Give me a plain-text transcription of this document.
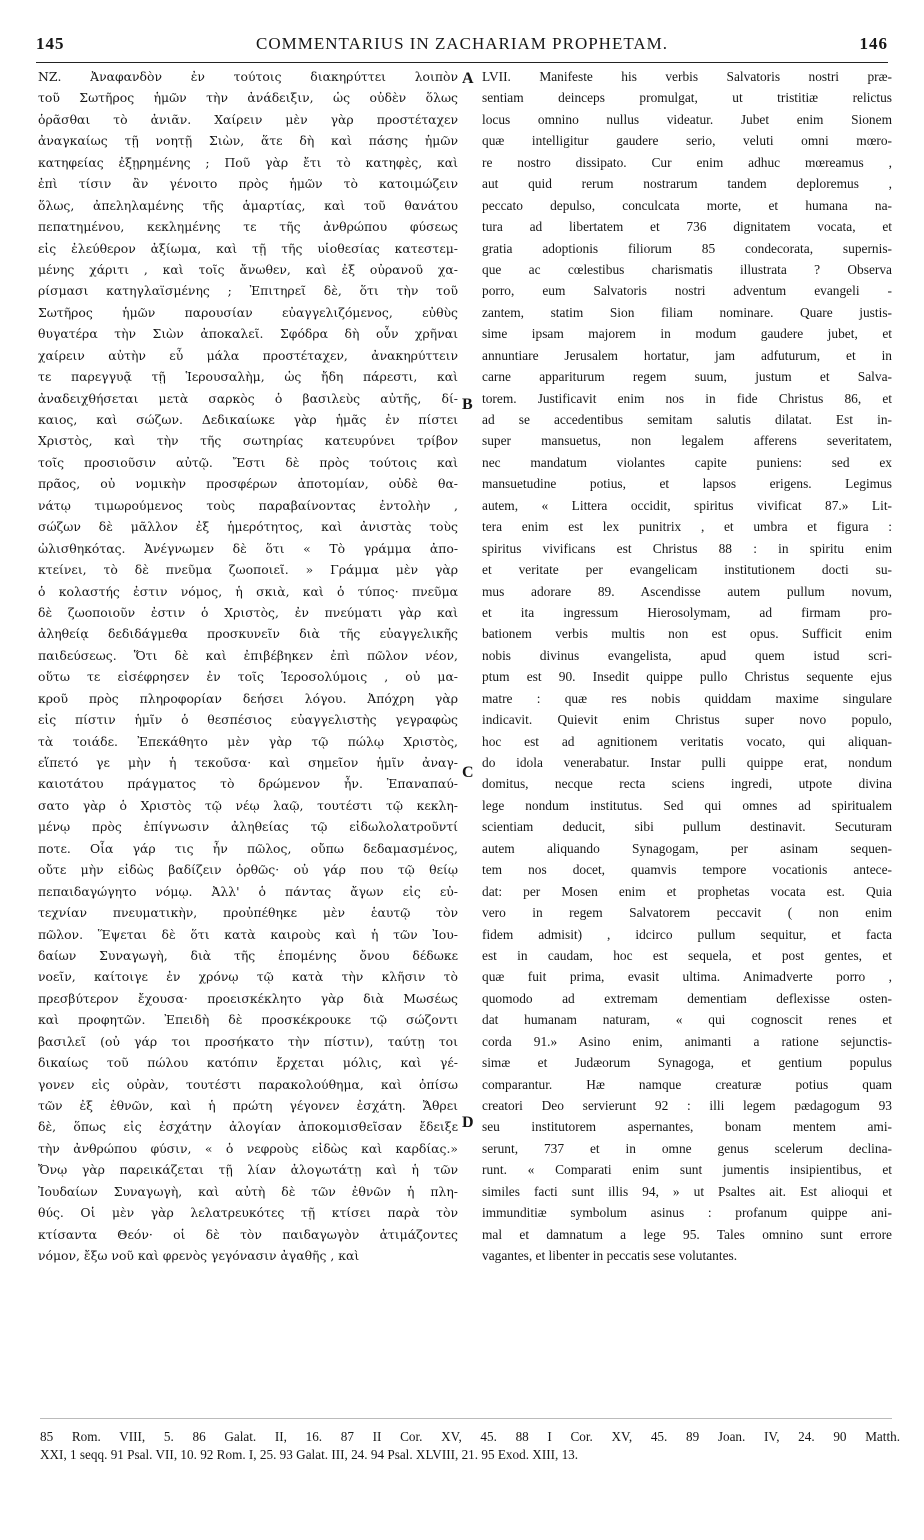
145	COMMENTARIUS IN ZACHARIAM PROPHETAM.	146
ΝΖ. Ἀναφανδὸν ἐν τούτοις διακηρύττει λοιπὸν
τοῦ Σωτῆρος ἡμῶν τὴν ἀνάδειξιν, ὡς οὐδὲν ὅλως
ὁρᾶσθαι τὸ ἀνιᾶν. Χαίρειν μὲν γὰρ προστέταχεν
ἀναγκαίως τῇ νοητῇ Σιὼν, ἅτε δὴ καὶ πάσης ἡμῶν
κατηφείας ἐξῃρημένης ; Ποῦ γὰρ ἔτι τὸ κατηφὲς, καὶ
ἐπὶ τίσιν ἂν γένοιτο πρὸς ἡμῶν τὸ κατοιμώζειν
ὅλως, ἀπεληλαμένης τῆς ἁμαρτίας, καὶ τοῦ θανάτου
πεπατημένου, κεκλημένης τε τῆς ἀνθρώπου φύσεως
εἰς ἐλεύθερον ἀξίωμα, καὶ τῇ τῆς υἱοθεσίας κατεστεμ-
μένης χάριτι , καὶ τοῖς ἄνωθεν, καὶ ἐξ οὐρανοῦ χα-
ρίσμασι κατηγλαϊσμένης ; Ἐπιτηρεῖ δὲ, ὅτι τὴν τοῦ
Σωτῆρος ἡμῶν παρουσίαν εὐαγγελιζόμενος, εὐθὺς
θυγατέρα τὴν Σιὼν ἀποκαλεῖ. Σφόδρα δὴ οὖν χρῆναι
χαίρειν αὐτὴν εὖ μάλα προστέταχεν, ἀνακηρύττειν
τε παρεγγυᾷ τῇ Ἱερουσαλὴμ, ὡς ἤδη πάρεστι, καὶ
ἀναδειχθήσεται μετὰ σαρκὸς ὁ βασιλεὺς αὐτῆς, δί-
καιος, καὶ σώζων. Δεδικαίωκε γὰρ ἡμᾶς ἐν πίστει
Χριστὸς, καὶ τὴν τῆς σωτηρίας κατευρύνει τρίβον
τοῖς προσιοῦσιν αὐτῷ. Ἔστι δὲ πρὸς τούτοις καὶ
πρᾶος, οὐ νομικὴν προσφέρων ἀποτομίαν, οὐδὲ θα-
νάτῳ τιμωρούμενος τοὺς παραβαίνοντας ἐντολὴν ,
σώζων δὲ μᾶλλον ἐξ ἡμερότητος, καὶ ἀνιστὰς τοὺς
ὠλισθηκότας. Ἀνέγνωμεν δὲ ὅτι « Τὸ γράμμα ἀπο-
κτείνει, τὸ δὲ πνεῦμα ζωοποιεῖ. » Γράμμα μὲν γὰρ
ὁ κολαστής ἐστιν νόμος, ἡ σκιὰ, καὶ ὁ τύπος· πνεῦμα
δὲ ζωοποιοῦν ἐστιν ὁ Χριστὸς, ἐν πνεύματι γὰρ καὶ
ἀληθείᾳ δεδιδάγμεθα προσκυνεῖν διὰ τῆς εὐαγγελικῆς
παιδεύσεως. Ὅτι δὲ καὶ ἐπιβέβηκεν ἐπὶ πῶλον νέον,
οὕτω τε εἰσέφρησεν ἐν τοῖς Ἱεροσολύμοις , οὐ μα-
κροῦ πρὸς πληροφορίαν δεήσει λόγου. Ἀπόχρη γὰρ
εἰς πίστιν ἡμῖν ὁ θεσπέσιος εὐαγγελιστὴς γεγραφὼς
τὰ τοιάδε. Ἐπεκάθητο μὲν γὰρ τῷ πώλῳ Χριστὸς,
εἵπετό γε μὴν ἡ τεκοῦσα· καὶ σημεῖον ἡμῖν ἀναγ-
καιοτάτου πράγματος τὸ δρώμενον ἦν. Ἐπαναπαύ-
σατο γὰρ ὁ Χριστὸς τῷ νέῳ λαῷ, τουτέστι τῷ κεκλη-
μένῳ πρὸς ἐπίγνωσιν ἀληθείας τῷ εἰδωλολατροῦντί
ποτε. Οἷα γάρ τις ἦν πῶλος, οὔπω δεδαμασμένος,
οὔτε μὴν εἰδὼς βαδίζειν ὀρθῶς· οὐ γάρ που τῷ θείῳ
πεπαιδαγώγητο νόμῳ. Ἀλλ' ὁ πάντας ἄγων εἰς εὐ-
τεχνίαν πνευματικὴν, προὐπέθηκε μὲν ἑαυτῷ τὸν
πῶλον. Ἕψεται δὲ ὅτι κατὰ καιροὺς καὶ ἡ τῶν Ἰου-
δαίων Συναγωγὴ, διὰ τῆς ἑπομένης ὄνου δέδωκε
νοεῖν, καίτοιγε ἐν χρόνῳ τῷ κατὰ τὴν κλῆσιν τὸ
πρεσβύτερον ἔχουσα· προεισκέκλητο γὰρ διὰ Μωσέως
καὶ προφητῶν. Ἐπειδὴ δὲ προσκέκρουκε τῷ σώζοντι
βασιλεῖ (οὐ γάρ τοι προσήκατο τὴν πίστιν), ταύτῃ τοι
δικαίως τοῦ πώλου κατόπιν ἔρχεται μόλις, καὶ γέ-
γονεν εἰς οὐρὰν, τουτέστι παρακολούθημα, καὶ ὀπίσω
τῶν ἐξ ἐθνῶν, καὶ ἡ πρώτη γέγονεν ἐσχάτη. Ἄθρει
δὲ, ὅπως εἰς ἐσχάτην ἀλογίαν ἀποκομισθεῖσαν ἔδειξε
τὴν ἀνθρώπου φύσιν, « ὁ νεφροὺς εἰδὼς καὶ καρδίας.»
Ὄνῳ γὰρ παρεικάζεται τῇ λίαν ἀλογωτάτῃ καὶ ἡ τῶν
Ἰουδαίων Συναγωγὴ, καὶ αὐτὴ δὲ τῶν ἐθνῶν ἡ πλη-
θύς. Οἱ μὲν γὰρ λελατρευκότες τῇ κτίσει παρὰ τὸν
κτίσαντα Θεόν· οἱ δὲ τὸν παιδαγωγὸν ἀτιμάζοντες
νόμον, ἔξω νοῦ καὶ φρενὸς γεγόνασιν ἀγαθῆς , καὶ
LVII. Manifeste his verbis Salvatoris nostri præ-
sentiam deinceps promulgat, ut tristitiæ relictus
locus omnino nullus videatur. Jubet enim Sionem
quæ intelligitur gaudere serio, veluti omni mœro-
re nostro dissipato. Cur enim adhuc mœreamus ,
aut quid rerum nostrarum tandem deploremus ,
peccato depulso, conculcata morte, et humana na-
tura ad libertatem et 736 dignitatem vocata, et
gratia adoptionis filiorum 85 condecorata, supernis-
que ac cœlestibus charismatis illustrata ? Observa
porro, eum Salvatoris nostri adventum evangeli -
zantem, statim Sion filiam nominare. Quare justis-
sime ipsam majorem in modum gaudere jubet, et
annuntiare Jerusalem hortatur, jam adfuturum, et in
carne appariturum regem suum, justum et Salva-
torem. Justificavit enim nos in fide Christus 86, et
ad se accedentibus semitam salutis dilatat. Est in-
super mansuetus, non legalem afferens severitatem,
nec mandatum violantes capite puniens: sed ex
mansuetudine potius, et lapsos erigens. Legimus
autem, « Littera occidit, spiritus vivificat 87.» Lit-
tera enim est lex punitrix , et umbra et figura :
spiritus vivificans est Christus 88 : in spiritu enim
et veritate per evangelicam institutionem docti su-
mus adorare 89. Ascendisse autem pullum novum,
et ita ingressum Hierosolymam, ad firmam pro-
bationem verbis multis non est opus. Sufficit enim
nobis divinus evangelista, apud quem istud scri-
ptum est 90. Insedit quippe pullo Christus sequente ejus
matre : quæ res nobis quiddam maxime singulare
indicavit. Quievit enim Christus super novo populo,
hoc est ad agnitionem veritatis vocato, qui aliquan-
do idola venerabatur. Instar pulli quippe erat, nondum
domitus, necque recta sciens ingredi, utpote divina
lege nondum institutus. Sed qui omnes ad spiritualem
scientiam deducit, sibi pullum destinavit. Secuturam
autem aliquando Synagogam, per asinam sequen-
tem nos docet, quamvis tempore vocationis antece-
dat: per Mosen enim et prophetas vocata est. Quia
vero in regem Salvatorem peccavit ( non enim
fidem admisit) , idcirco pullum sequitur, et facta
est in caudam, hoc est sequela, et post gentes, et
quæ fuit prima, evasit ultima. Animadverte porro ,
quomodo ad extremam dementiam deflexisse osten-
dat humanam naturam, « qui cognoscit renes et
corda 91.» Asino enim, animanti a ratione sejunctis-
simæ et Judæorum Synagoga, et gentium populus
comparantur. Hæ namque creaturæ potius quam
creatori Deo servierunt 92 : illi legem pædagogum 93
seu institutorem aspernantes, bonam mentem ami-
serunt, 737 et in omne genus scelerum declina-
runt. « Comparati enim sunt jumentis insipientibus, et
similes facti sunt illis 94, » ut Psaltes ait. Est alioqui et
immunditiæ symbolum asinus : profanum quippe ani-
mal et damnatum a lege 95. Tales omnino sunt errore
vagantes, et libenter in peccatis sese volutantes.
A
B
C
D
85 Rom. VIII, 5. 86 Galat. II, 16. 87 II Cor. XV, 45. 88 I Cor. XV, 45. 89 Joan. IV, 24. 90 Matth.
XXI, 1 seqq. 91 Psal. VII, 10. 92 Rom. I, 25. 93 Galat. III, 24. 94 Psal. XLVIII, 21. 95 Exod. XIII, 13.
